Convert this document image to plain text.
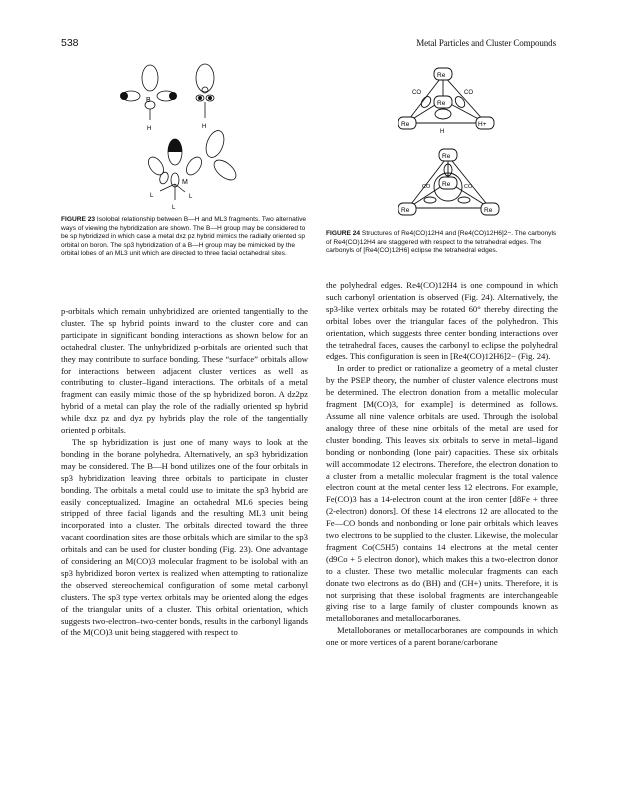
538	Metal Particles and Cluster Compounds
B
H	H
M
L	L
L
Re
Re
Re
H+
CO	CO
H
Re
Re
Re
Re
CO	CO

FIGURE 23 Isolobal relationship between B—H and ML3 fragments. Two alternative ways of viewing the hybridization are shown. The B—H group may be considered to be sp hybridized in which case a metal dxz pz hybrid mimics the radially oriented sp orbital on boron. The sp3 hybridization of a B—H group may be mimicked by the orbital lobes of an ML3 unit which are directed to three facial octahedral sites.

FIGURE 24 Structures of Re4(CO)12H4 and [Re4(CO)12H6]2−. The carbonyls of Re4(CO)12H4 are staggered with respect to the tetrahedral edges. The carbonyls of [Re4(CO)12H6] eclipse the tetrahedral edges.

p-orbitals which remain unhybridized are oriented tangentially to the cluster. The sp hybrid points inward to the cluster core and can participate in significant bonding interactions as shown below for an octahedral cluster. The unhybridized p-orbitals are oriented such that they may contribute to surface bonding. These “surface” orbitals allow for interactions between adjacent cluster vertices as well as contributing to cluster–ligand interactions. The orbitals of a metal fragment can easily mimic those of the sp hybridized boron. A dz2pz hybrid of a metal can play the role of the radially oriented sp hybrid while dxz pz and dyz py hybrids play the role of the tangentially oriented p orbitals.

The sp hybridization is just one of many ways to look at the bonding in the borane polyhedra. Alternatively, an sp3 hybridization may be considered. The B—H bond utilizes one of the four orbitals in sp3 hybridization leaving three orbitals to participate in cluster bonding. The orbitals a metal could use to imitate the sp3 hybrid are easily conceptualized. Imagine an octahedral ML6 species being stripped of three facial ligands and the resulting ML3 unit being incorporated into a cluster. The orbitals directed toward the three vacant coordination sites are those orbitals which are similar to the sp3 orbitals and can be used for cluster bonding (Fig. 23). One advantage of considering an M(CO)3 molecular fragment to be isolobal with an sp3 hybridized boron vertex is realized when attempting to rationalize the observed stereochemical configuration of some metal carbonyl clusters. The sp3 type vertex orbitals may be oriented along the edges of the triangular units of a cluster. This orbital orientation, which suggests two-electron–two-center bonds, results in the carbonyl ligands of the M(CO)3 unit being staggered with respect to

the polyhedral edges. Re4(CO)12H4 is one compound in which such carbonyl orientation is observed (Fig. 24). Alternatively, the sp3-like vertex orbitals may be rotated 60° thereby directing the orbital lobes over the triangular faces of the polyhedron. This orientation, which suggests three center bonding interactions over the tetrahedral faces, causes the carbonyl to eclipse the polyhedral edges. This configuration is seen in [Re4(CO)12H6]2− (Fig. 24).

In order to predict or rationalize a geometry of a metal cluster by the PSEP theory, the number of cluster valence electrons must be determined. The electron donation from a metallic molecular fragment [M(CO)3, for example] is determined as follows. Assume all nine valence orbitals are used. Through the isolobal analogy three of these nine orbitals of the metal are used for cluster bonding. This leaves six orbitals to serve in metal–ligand bonding or nonbonding (lone pair) capacities. These six orbitals will accommodate 12 electrons. Therefore, the electron donation to a cluster from a metallic molecular fragment is the total valence electron count at the metal center less 12 electrons. For example, Fe(CO)3 has a 14-electron count at the iron center [d8Fe + three (2-electron) donors]. Of these 14 electrons 12 are allocated to the Fe—CO bonds and nonbonding or lone pair orbitals which leaves two electrons to be supplied to the cluster. Likewise, the molecular fragment Co(C5H5) contains 14 electrons at the metal center (d9Co + 5 electron donor), which makes this a two-electron donor to a cluster. These two metallic molecular fragments can each donate two electrons as do (BH) and (CH+) units. Therefore, it is not surprising that these isolobal fragments are interchangeable giving rise to a large family of cluster compounds known as metalloboranes and metallocarboranes.

Metalloboranes or metallocarboranes are compounds in which one or more vertices of a parent borane/carborane
